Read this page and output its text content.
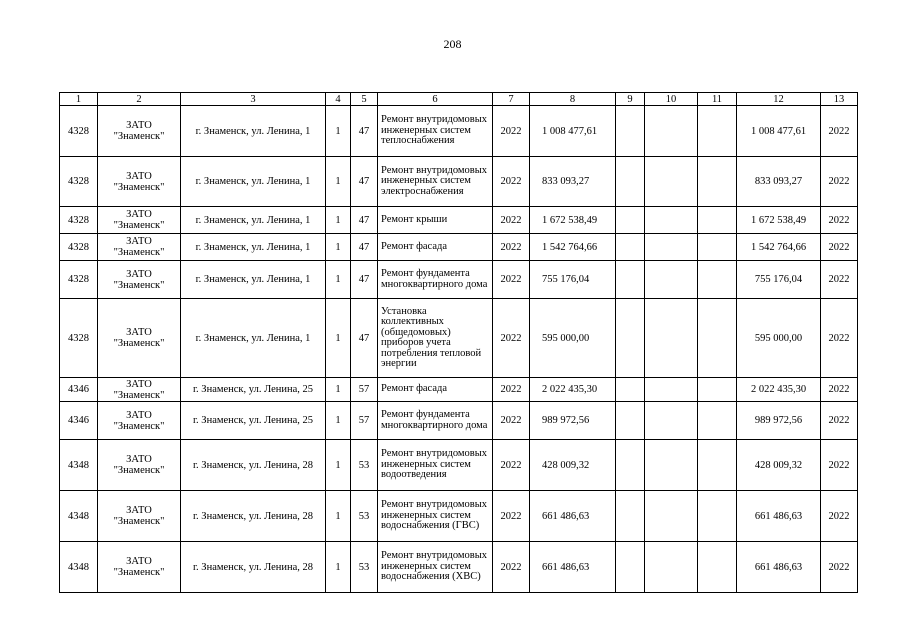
208
1	2	3	4	5	6	7	8	9	10	11	12	13
4328	ЗАТО "Знаменск"	г. Знаменск, ул. Ленина, 1	1	47	Ремонт внутридомовых инженерных систем теплоснабжения	2022	1 008 477,61				1 008 477,61	2022
4328	ЗАТО "Знаменск"	г. Знаменск, ул. Ленина, 1	1	47	Ремонт внутридомовых инженерных систем электроснабжения	2022	833 093,27				833 093,27	2022
4328	ЗАТО "Знаменск"	г. Знаменск, ул. Ленина, 1	1	47	Ремонт крыши	2022	1 672 538,49				1 672 538,49	2022
4328	ЗАТО "Знаменск"	г. Знаменск, ул. Ленина, 1	1	47	Ремонт фасада	2022	1 542 764,66				1 542 764,66	2022
4328	ЗАТО "Знаменск"	г. Знаменск, ул. Ленина, 1	1	47	Ремонт фундамента многоквартирного дома	2022	755 176,04				755 176,04	2022
4328	ЗАТО "Знаменск"	г. Знаменск, ул. Ленина, 1	1	47	Установка коллективных (общедомовых) приборов учета потребления тепловой энергии	2022	595 000,00				595 000,00	2022
4346	ЗАТО "Знаменск"	г. Знаменск, ул. Ленина, 25	1	57	Ремонт фасада	2022	2 022 435,30				2 022 435,30	2022
4346	ЗАТО "Знаменск"	г. Знаменск, ул. Ленина, 25	1	57	Ремонт фундамента многоквартирного дома	2022	989 972,56				989 972,56	2022
4348	ЗАТО "Знаменск"	г. Знаменск, ул. Ленина, 28	1	53	Ремонт внутридомовых инженерных систем водоотведения	2022	428 009,32				428 009,32	2022
4348	ЗАТО "Знаменск"	г. Знаменск, ул. Ленина, 28	1	53	Ремонт внутридомовых инженерных систем водоснабжения (ГВС)	2022	661 486,63				661 486,63	2022
4348	ЗАТО "Знаменск"	г. Знаменск, ул. Ленина, 28	1	53	Ремонт внутридомовых инженерных систем водоснабжения (ХВС)	2022	661 486,63				661 486,63	2022
